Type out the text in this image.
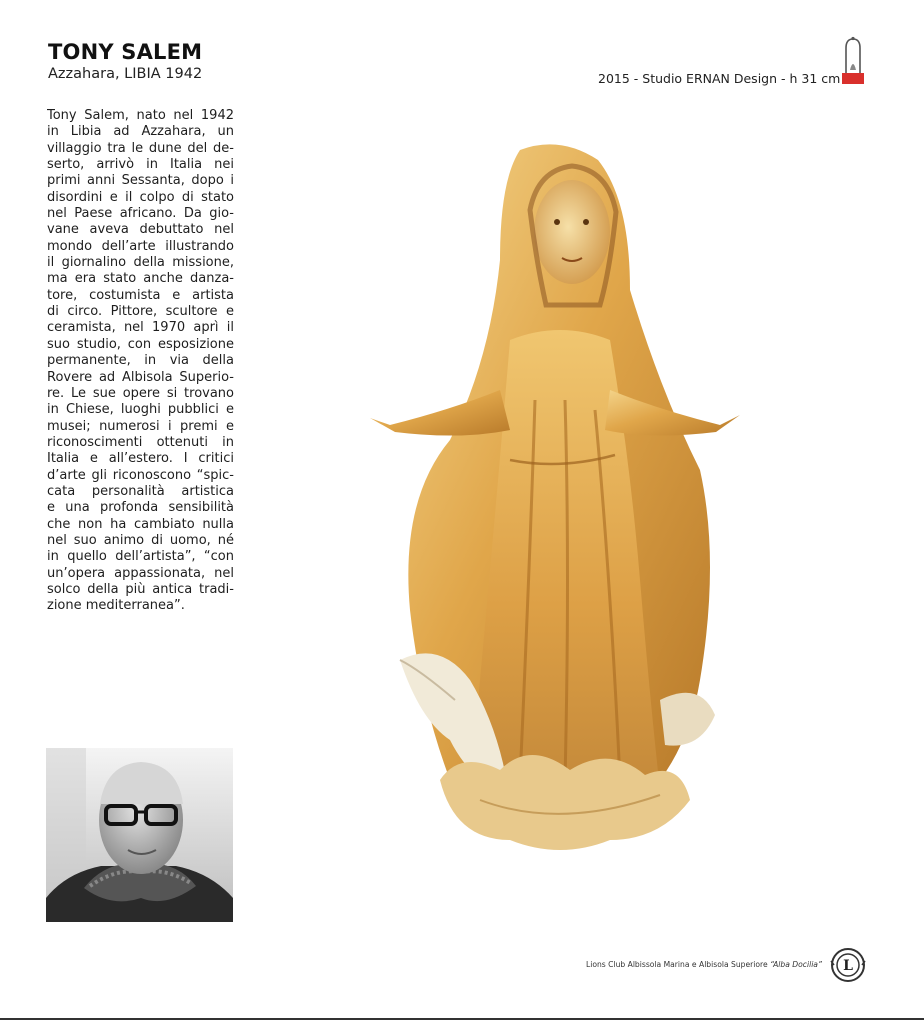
TONY SALEM
Azzahara, LIBIA 1942	2015 - Studio ERNAN Design - h 31 cm
Tony Salem, nato nel 1942
in Libia ad Azzahara, un
villaggio tra le dune del de-
serto, arrivò in Italia nei
primi anni Sessanta, dopo i
disordini e il colpo di stato
nel Paese africano. Da gio-
vane aveva debuttato nel
mondo dell’arte illustrando
il giornalino della missione,
ma era stato anche danza-
tore, costumista e artista
di circo. Pittore, scultore e
ceramista, nel 1970 aprì il
suo studio, con esposizione
permanente, in via della
Rovere ad Albisola Superio-
re. Le sue opere si trovano
in Chiese, luoghi pubblici e
musei; numerosi i premi e
riconoscimenti ottenuti in
Italia e all’estero. I critici
d’arte gli riconoscono “spic-
cata personalità artistica
e una profonda sensibilità
che non ha cambiato nulla
nel suo animo di uomo, né
in quello dell’artista”, “con
un’opera appassionata, nel
solco della più antica tradi-
zione mediterranea”.
Lions Club Albissola Marina e Albisola Superiore “Alba Docilia” L
